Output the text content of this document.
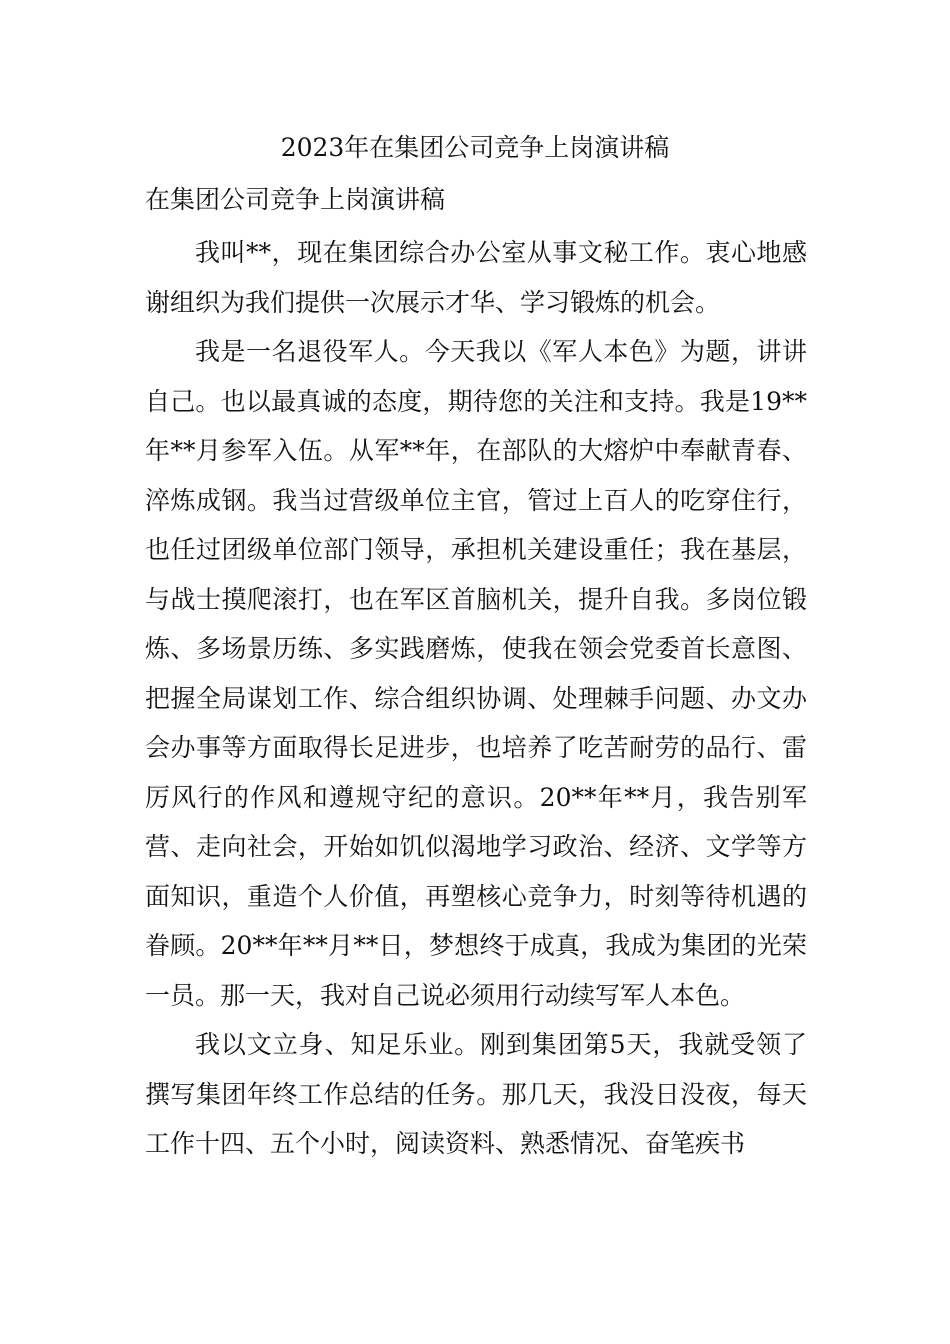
2023年在集团公司竞争上岗演讲稿
在集团公司竞争上岗演讲稿

我叫**，现在集团综合办公室从事文秘工作。衷心地感谢组织为我们提供一次展示才华、学习锻炼的机会。

我是一名退役军人。今天我以《军人本色》为题，讲讲自己。也以最真诚的态度，期待您的关注和支持。我是19**年**月参军入伍。从军**年，在部队的大熔炉中奉献青春、淬炼成钢。我当过营级单位主官，管过上百人的吃穿住行，也任过团级单位部门领导，承担机关建设重任；我在基层，与战士摸爬滚打，也在军区首脑机关，提升自我。多岗位锻炼、多场景历练、多实践磨炼，使我在领会党委首长意图、把握全局谋划工作、综合组织协调、处理棘手问题、办文办会办事等方面取得长足进步，也培养了吃苦耐劳的品行、雷厉风行的作风和遵规守纪的意识。20**年**月，我告别军营、走向社会，开始如饥似渴地学习政治、经济、文学等方面知识，重造个人价值，再塑核心竞争力，时刻等待机遇的眷顾。20**年**月**日，梦想终于成真，我成为集团的光荣一员。那一天，我对自己说必须用行动续写军人本色。

我以文立身、知足乐业。刚到集团第5天，我就受领了撰写集团年终工作总结的任务。那几天，我没日没夜，每天工作十四、五个小时，阅读资料、熟悉情况、奋笔疾书
